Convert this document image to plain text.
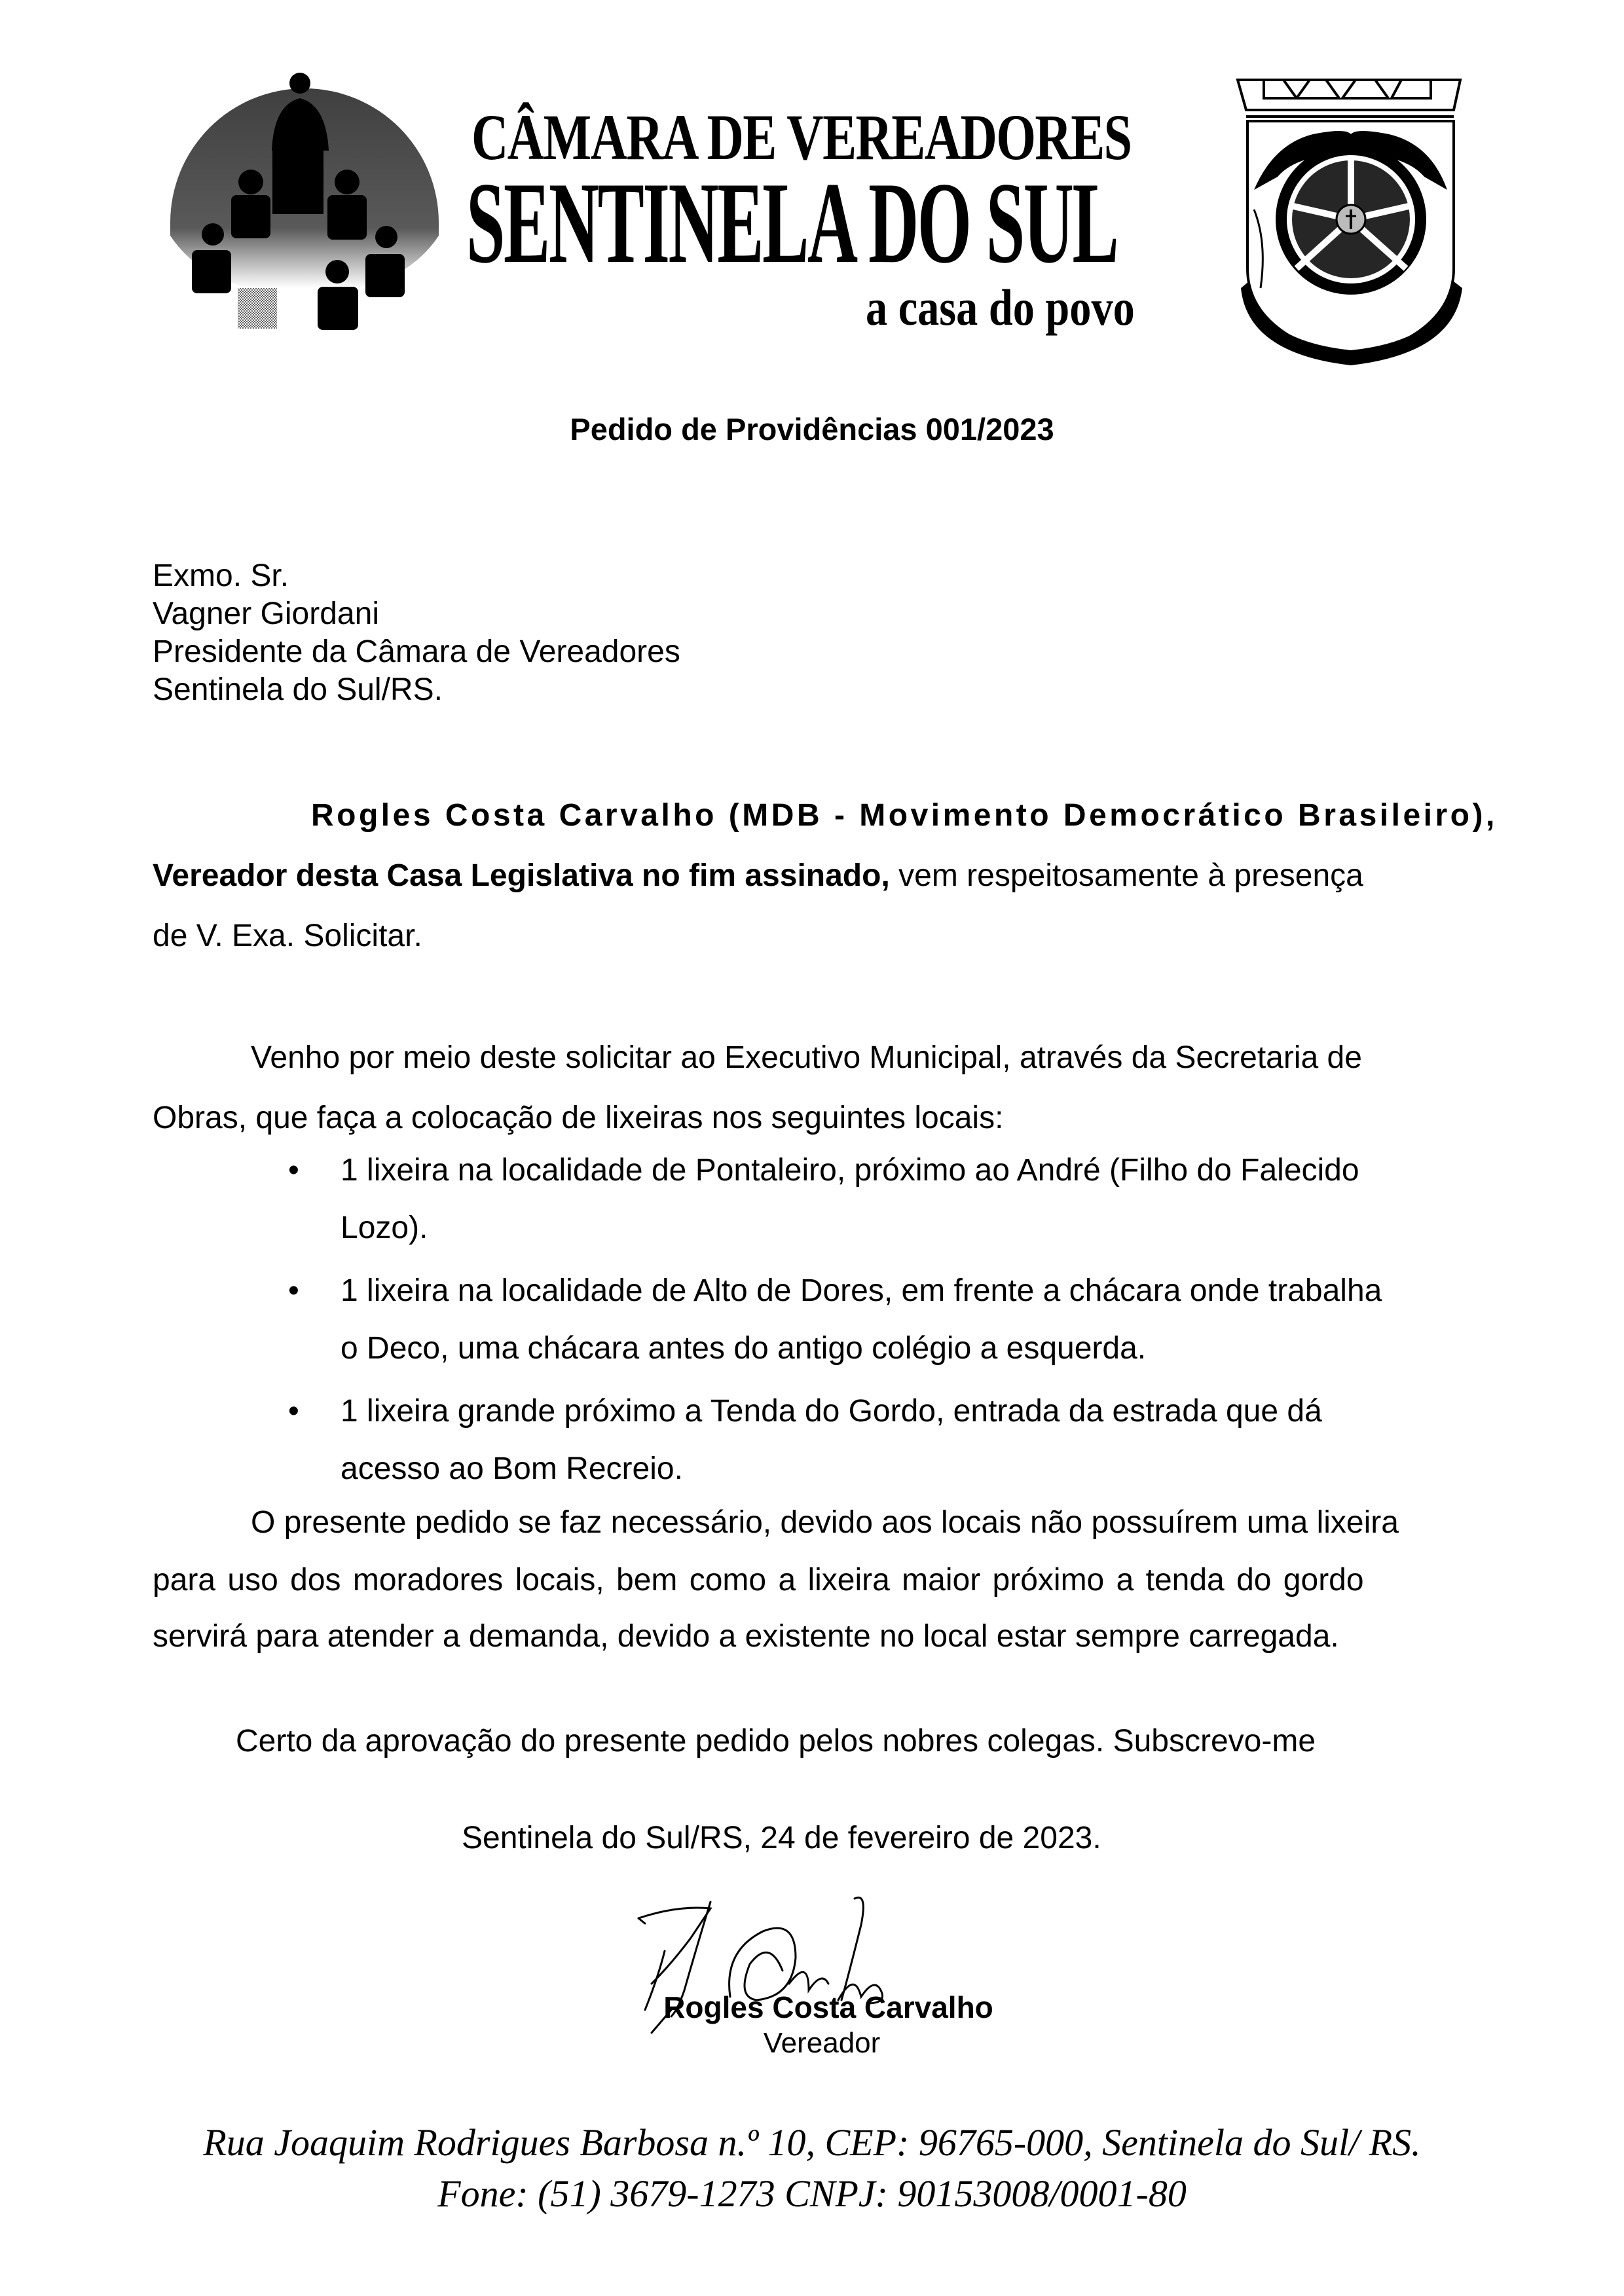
CÂMARA DE VEREADORES
SENTINELA DO SUL
a casa do povo
Pedido de Providências 001/2023
Exmo. Sr.
Vagner Giordani
Presidente da Câmara de Vereadores
Sentinela do Sul/RS.
Rogles Costa Carvalho (MDB - Movimento Democrático Brasileiro),
Vereador desta Casa Legislativa no fim assinado, vem respeitosamente à presença
de V. Exa. Solicitar.
Venho por meio deste solicitar ao Executivo Municipal, através da Secretaria de
Obras, que faça a colocação de lixeiras nos seguintes locais:
• 1 lixeira na localidade de Pontaleiro, próximo ao André (Filho do Falecido
Lozo).
• 1 lixeira na localidade de Alto de Dores, em frente a chácara onde trabalha
o Deco, uma chácara antes do antigo colégio a esquerda.
• 1 lixeira grande próximo a Tenda do Gordo, entrada da estrada que dá
acesso ao Bom Recreio.
O presente pedido se faz necessário, devido aos locais não possuírem uma lixeira
para uso dos moradores locais, bem como a lixeira maior próximo a tenda do gordo
servirá para atender a demanda, devido a existente no local estar sempre carregada.
Certo da aprovação do presente pedido pelos nobres colegas. Subscrevo-me
Sentinela do Sul/RS, 24 de fevereiro de 2023.
Rogles Costa Carvalho
Vereador
Rua Joaquim Rodrigues Barbosa n.º 10, CEP: 96765-000, Sentinela do Sul/ RS.
Fone: (51) 3679-1273 CNPJ: 90153008/0001-80
